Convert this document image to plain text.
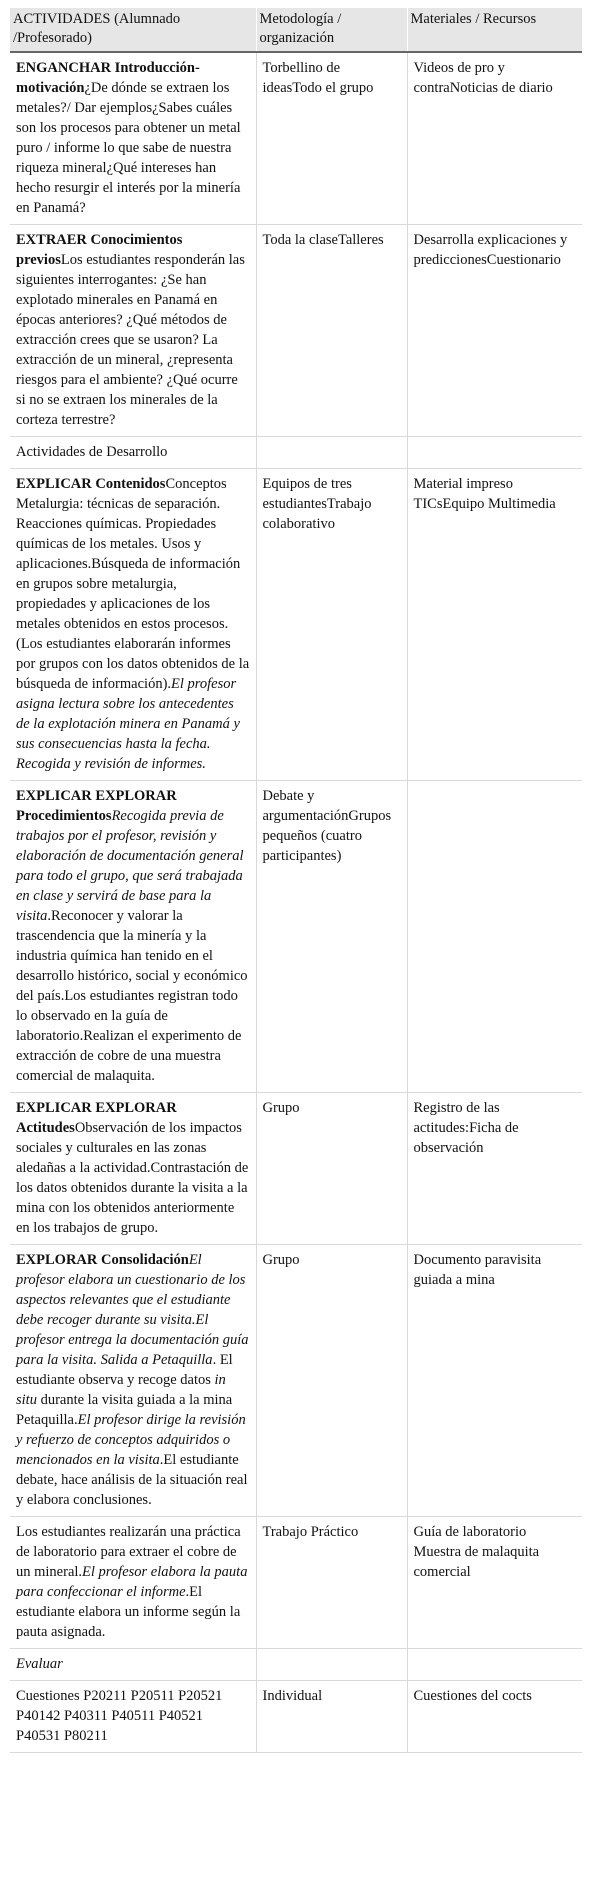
ACTIVIDADES (Alumnado /Profesorado)	Metodología / organización	Materiales / Recursos
ENGANCHAR Introducción-motivación¿De dónde se extraen los metales?/ Dar ejemplos¿Sabes cuáles son los procesos para obtener un metal puro / informe lo que sabe de nuestra riqueza mineral¿Qué intereses han hecho resurgir el interés por la minería en Panamá?	Torbellino de ideasTodo el grupo	Videos de pro y contraNoticias de diario
EXTRAER Conocimientos previosLos estudiantes responderán las siguientes interrogantes: ¿Se han explotado minerales en Panamá en épocas anteriores? ¿Qué métodos de extracción crees que se usaron? La extracción de un mineral, ¿representa riesgos para el ambiente? ¿Qué ocurre si no se extraen los minerales de la corteza terrestre?	Toda la claseTalleres	Desarrolla explicaciones y prediccionesCuestionario
Actividades de Desarrollo		
EXPLICAR ContenidosConceptos Metalurgia: técnicas de separación. Reacciones químicas. Propiedades químicas de los metales. Usos y aplicaciones.Búsqueda de información en grupos sobre metalurgia, propiedades y aplicaciones de los metales obtenidos en estos procesos. (Los estudiantes elaborarán informes por grupos con los datos obtenidos de la búsqueda de información).El profesor asigna lectura sobre los antecedentes de la explotación minera en Panamá y sus consecuencias hasta la fecha. Recogida y revisión de informes.	Equipos de tres estudiantesTrabajo colaborativo	Material impreso TICsEquipo Multimedia
EXPLICAR EXPLORAR ProcedimientosRecogida previa de trabajos por el profesor, revisión y elaboración de documentación general para todo el grupo, que será trabajada en clase y servirá de base para la visita.Reconocer y valorar la trascendencia que la minería y la industria química han tenido en el desarrollo histórico, social y económico del país.Los estudiantes registran todo lo observado en la guía de laboratorio.Realizan el experimento de extracción de cobre de una muestra comercial de malaquita.	Debate y argumentaciónGrupos pequeños (cuatro participantes)	
EXPLICAR EXPLORAR ActitudesObservación de los impactos sociales y culturales en las zonas aledañas a la actividad.Contrastación de los datos obtenidos durante la visita a la mina con los obtenidos anteriormente en los trabajos de grupo.	Grupo	Registro de las actitudes:Ficha de observación
EXPLORAR ConsolidaciónEl profesor elabora un cuestionario de los aspectos relevantes que el estudiante debe recoger durante su visita.El profesor entrega la documentación guía para la visita. Salida a Petaquilla. El estudiante observa y recoge datos in situ durante la visita guiada a la mina Petaquilla.El profesor dirige la revisión y refuerzo de conceptos adquiridos o mencionados en la visita.El estudiante debate, hace análisis de la situación real y elabora conclusiones.	Grupo	Documento paravisita guiada a mina
Los estudiantes realizarán una práctica de laboratorio para extraer el cobre de un mineral.El profesor elabora la pauta para confeccionar el informe.El estudiante elabora un informe según la pauta asignada.	Trabajo Práctico	Guía de laboratorio Muestra de malaquita comercial
Evaluar		
Cuestiones P20211 P20511 P20521 P40142 P40311 P40511 P40521 P40531 P80211	Individual	Cuestiones del cocts
